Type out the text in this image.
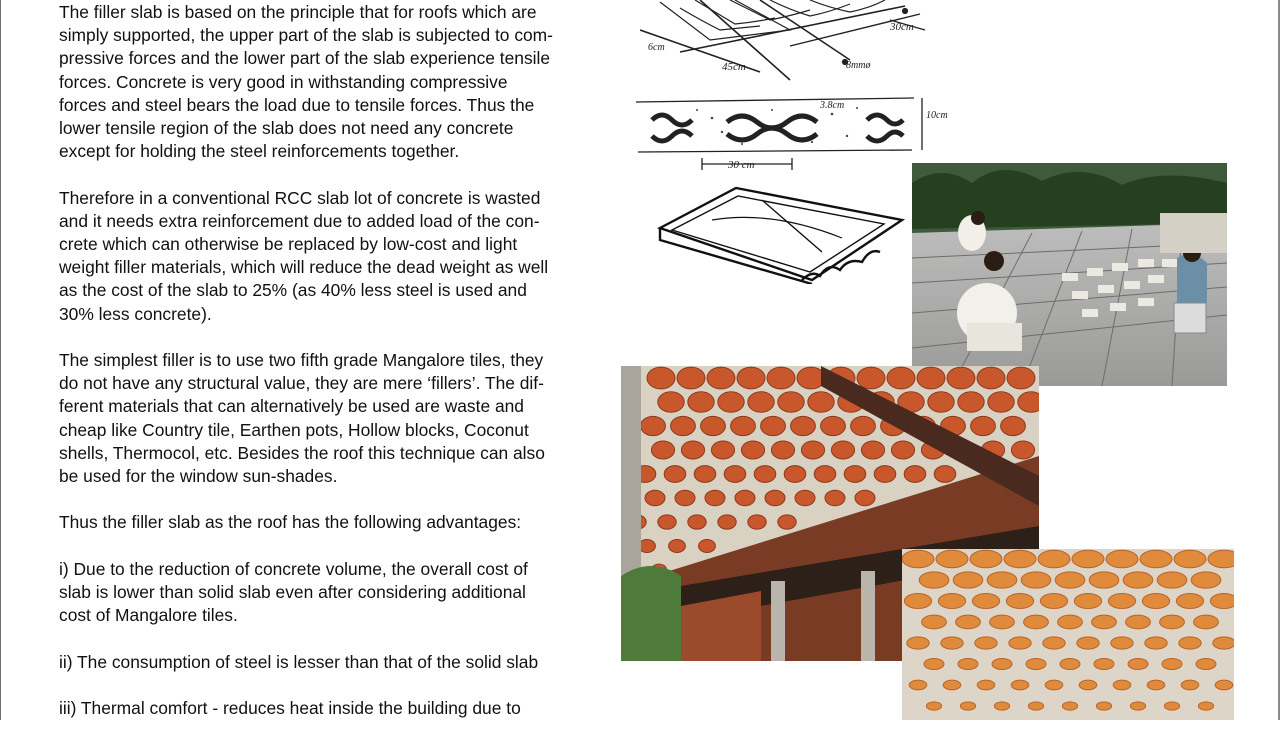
The filler slab is based on the principle that for roofs which are
simply supported, the upper part of the slab is subjected to com-
pressive forces and the lower part of the slab experience tensile
forces. Concrete is very good in withstanding compressive
forces and steel bears the load due to tensile forces. Thus the
lower tensile region of the slab does not need any concrete
except for holding the steel reinforcements together.

Therefore in a conventional RCC slab lot of concrete is wasted
and it needs extra reinforcement due to added load of the con-
crete which can otherwise be replaced by low-cost and light
weight filler materials, which will reduce the dead weight as well
as the cost of the slab to 25% (as 40% less steel is used and
30% less concrete).

The simplest filler is to use two fifth grade Mangalore tiles, they
do not have any structural value, they are mere ‘fillers’. The dif-
ferent materials that can alternatively be used are waste and
cheap like Country tile, Earthen pots, Hollow blocks, Coconut
shells, Thermocol, etc. Besides the roof this technique can also
be used for the window sun-shades.

Thus the filler slab as the roof has the following advantages:

i) Due to the reduction of concrete volume, the overall cost of
slab is lower than solid slab even after considering additional
cost of Mangalore tiles.

ii) The consumption of steel is lesser than that of the solid slab

iii) Thermal comfort - reduces heat inside the building due to

6cm
45cm
30cm
8mmø
3.8cm
10cm
30 cm
